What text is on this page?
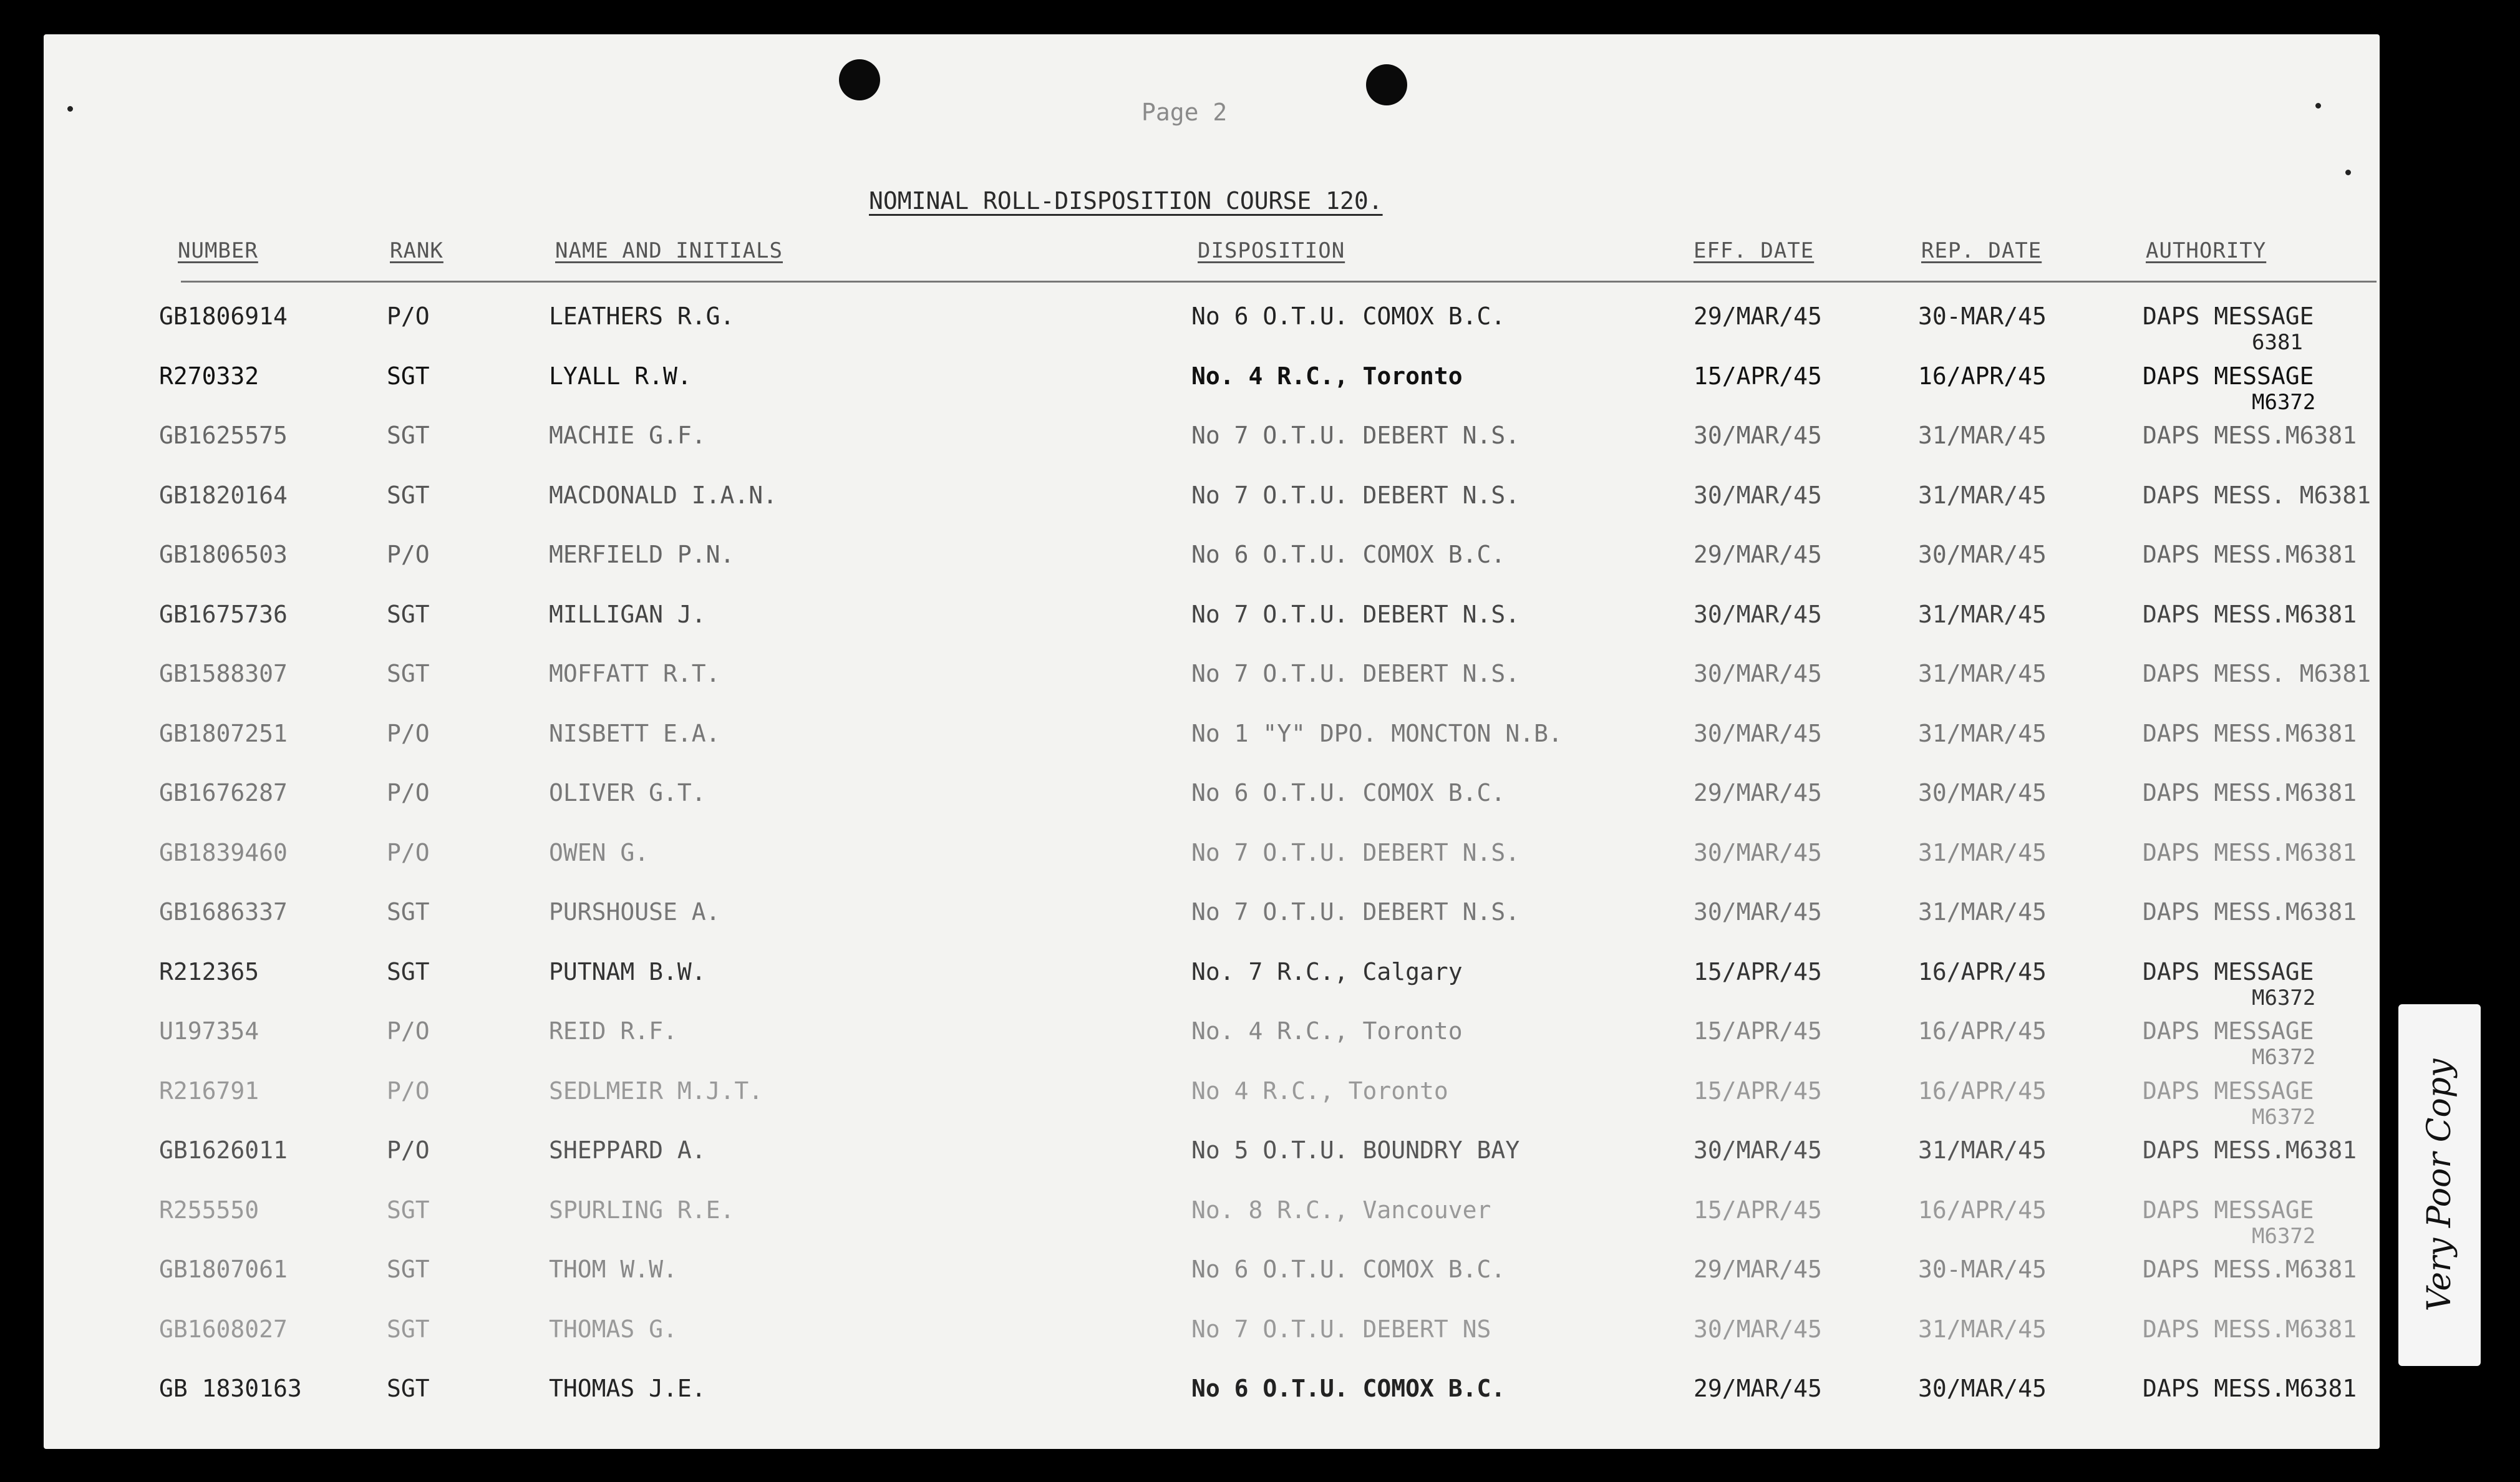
Page 2
NOMINAL ROLL-DISPOSITION COURSE 120.
NUMBER	RANK	NAME AND INITIALS	DISPOSITION	EFF. DATE	REP. DATE	AUTHORITY
GB1806914	P/O	LEATHERS R.G.	No 6 O.T.U. COMOX B.C.	29/MAR/45	30-MAR/45	DAPS MESSAGE
6381
R270332	SGT	LYALL R.W.	No. 4 R.C., Toronto	15/APR/45	16/APR/45	DAPS MESSAGE
M6372
GB1625575	SGT	MACHIE G.F.	No 7 O.T.U. DEBERT N.S.	30/MAR/45	31/MAR/45	DAPS MESS.M6381
GB1820164	SGT	MACDONALD I.A.N.	No 7 O.T.U. DEBERT N.S.	30/MAR/45	31/MAR/45	DAPS MESS. M6381
GB1806503	P/O	MERFIELD P.N.	No 6 O.T.U. COMOX B.C.	29/MAR/45	30/MAR/45	DAPS MESS.M6381
GB1675736	SGT	MILLIGAN J.	No 7 O.T.U. DEBERT N.S.	30/MAR/45	31/MAR/45	DAPS MESS.M6381
GB1588307	SGT	MOFFATT R.T.	No 7 O.T.U. DEBERT N.S.	30/MAR/45	31/MAR/45	DAPS MESS. M6381
GB1807251	P/O	NISBETT E.A.	No 1 "Y" DPO. MONCTON N.B.	30/MAR/45	31/MAR/45	DAPS MESS.M6381
GB1676287	P/O	OLIVER G.T.	No 6 O.T.U. COMOX B.C.	29/MAR/45	30/MAR/45	DAPS MESS.M6381
GB1839460	P/O	OWEN G.	No 7 O.T.U. DEBERT N.S.	30/MAR/45	31/MAR/45	DAPS MESS.M6381
GB1686337	SGT	PURSHOUSE A.	No 7 O.T.U. DEBERT N.S.	30/MAR/45	31/MAR/45	DAPS MESS.M6381
R212365	SGT	PUTNAM B.W.	No. 7 R.C., Calgary	15/APR/45	16/APR/45	DAPS MESSAGE
M6372
U197354	P/O	REID R.F.	No. 4 R.C., Toronto	15/APR/45	16/APR/45	DAPS MESSAGE
M6372
R216791	P/O	SEDLMEIR M.J.T.	No 4 R.C., Toronto	15/APR/45	16/APR/45	DAPS MESSAGE
M6372
GB1626011	P/O	SHEPPARD A.	No 5 O.T.U. BOUNDRY BAY	30/MAR/45	31/MAR/45	DAPS MESS.M6381
R255550	SGT	SPURLING R.E.	No. 8 R.C., Vancouver	15/APR/45	16/APR/45	DAPS MESSAGE
M6372
GB1807061	SGT	THOM W.W.	No 6 O.T.U. COMOX B.C.	29/MAR/45	30-MAR/45	DAPS MESS.M6381
GB1608027	SGT	THOMAS G.	No 7 O.T.U. DEBERT NS	30/MAR/45	31/MAR/45	DAPS MESS.M6381
GB 1830163	SGT	THOMAS J.E.	No 6 O.T.U. COMOX B.C.	29/MAR/45	30/MAR/45	DAPS MESS.M6381
Very Poor Copy
